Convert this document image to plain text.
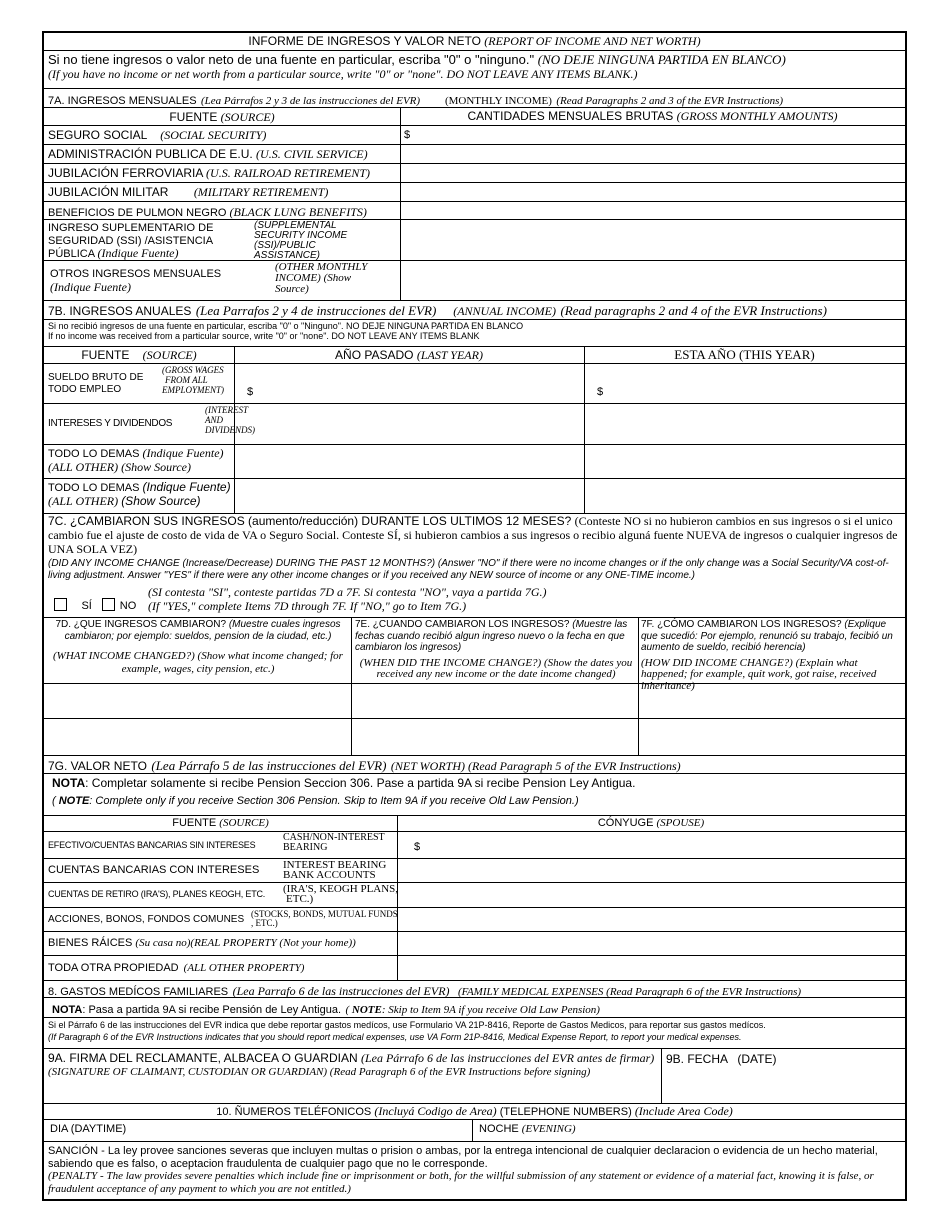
INFORME DE INGRESOS Y VALOR NETO (REPORT OF INCOME AND NET WORTH)
Si no tiene ingresos o valor neto de una fuente en particular, escriba "0" o "ninguno." (NO DEJE NINGUNA PARTIDA EN BLANCO)
(If you have no income or net worth from a particular source, write "0" or "none". DO NOT LEAVE ANY ITEMS BLANK.)
7A. INGRESOS MENSUALES (Lea Párrafos 2 y 3 de las instrucciones del EVR) (MONTHLY INCOME) (Read Paragraphs 2 and 3 of the EVR Instructions)
FUENTE (SOURCE)	CANTIDADES MENSUALES BRUTAS (GROSS MONTHLY AMOUNTS)
SEGURO SOCIAL (SOCIAL SECURITY)	$
ADMINISTRACIÓN PUBLICA DE E.U. (U.S. CIVIL SERVICE)
JUBILACIÓN FERROVIARIA (U.S. RAILROAD RETIREMENT)
JUBILACIÓN MILITAR (MILITARY RETIREMENT)
BENEFICIOS DE PULMON NEGRO (BLACK LUNG BENEFITS)
INGRESO SUPLEMENTARIO DE
SEGURIDAD (SSI) /ASISTENCIA
PÚBLICA (Indique Fuente)
(SUPPLEMENTAL
SECURITY INCOME
(SSI)/PUBLIC
ASSISTANCE)
OTROS INGRESOS MENSUALES
(Indique Fuente)
(OTHER MONTHLY
INCOME) (Show
Source)
7B. INGRESOS ANUALES (Lea Parrafos 2 y 4 de instrucciones del EVR) (ANNUAL INCOME) (Read paragraphs 2 and 4 of the EVR Instructions)
Si no recibió ingresos de una fuente en particular, escriba "0" o "Ninguno". NO DEJE NINGUNA PARTIDA EN BLANCO
If no income was received from a particular source, write "0" or "none". DO NOT LEAVE ANY ITEMS BLANK
FUENTE (SOURCE)	AÑO PASADO (LAST YEAR)	ESTA AÑO (THIS YEAR)
SUELDO BRUTO DE
TODO EMPLEO
(GROSS WAGES
FROM ALL
EMPLOYMENT)	$	$
INTERESES Y DIVIDENDOS
(INTEREST
AND
DIVIDENDS)
TODO LO DEMAS (Indique Fuente)
(ALL OTHER) (Show Source)
TODO LO DEMAS (Indique Fuente)
(ALL OTHER) (Show Source)
7C. ¿CAMBIARON SUS INGRESOS (aumento/reducción) DURANTE LOS ULTIMOS 12 MESES? (Conteste NO si no hubieron cambios en sus ingresos o si el unico cambio fue el ajuste de costo de vida de VA o Seguro Social. Conteste SÍ, si hubieron cambios a sus ingresos o recibio alguná fuente NUEVA de ingresos o cualquier ingresos de UNA SOLA VEZ)
(DID ANY INCOME CHANGE (Increase/Decrease) DURING THE PAST 12 MONTHS?) (Answer "NO" if there were no income changes or if the only change was a Social Security/VA cost-of-living adjustment. Answer "YES" if there were any other income changes or if you received any NEW source of income or any ONE-TIME income.)
SÍ	NO
(SI contesta "SI", conteste partidas 7D a 7F. Si contesta "NO", vaya a partida 7G.)
(If "YES," complete Items 7D through 7F. If "NO," go to Item 7G.)
7D. ¿QUE INGRESOS CAMBIARON? (Muestre cuales ingresos cambiaron; por ejemplo: sueldos, pension de la ciudad, etc.)
(WHAT INCOME CHANGED?) (Show what income changed; for example, wages, city pension, etc.)
7E. ¿CUANDO CAMBIARON LOS INGRESOS? (Muestre las fechas cuando recibió algun ingreso nuevo o la fecha en que cambiaron los ingresos)
(WHEN DID THE INCOME CHANGE?) (Show the dates you received any new income or the date income changed)
7F. ¿CÓMO CAMBIARON LOS INGRESOS? (Explique que sucedió: Por ejemplo, renunció su trabajo, fecibió un aumento de sueldo, recibió herencia)
(HOW DID INCOME CHANGE?) (Explain what happened; for example, quit work, got raise, received inheritance)
7G. VALOR NETO (Lea Párrafo 5 de las instrucciones del EVR) (NET WORTH) (Read Paragraph 5 of the EVR Instructions)
NOTA: Completar solamente si recibe Pension Seccion 306. Pase a partida 9A si recibe Pension Ley Antigua.
( NOTE: Complete only if you receive Section 306 Pension. Skip to Item 9A if you receive Old Law Pension.)
FUENTE (SOURCE)	CÓNYUGE (SPOUSE)
EFECTIVO/CUENTAS BANCARIAS SIN INTERESES
CASH/NON-INTEREST
BEARING	$
CUENTAS BANCARIAS CON INTERESES INTEREST BEARING
BANK ACCOUNTS
CUENTAS DE RETIRO (IRA'S), PLANES KEOGH, ETC. (IRA'S, KEOGH PLANS,
ETC.)
ACCIONES, BONOS, FONDOS COMUNES (STOCKS, BONDS, MUTUAL FUNDS
, ETC.)
BIENES RÁICES (Su casa no)(REAL PROPERTY (Not your home))
TODA OTRA PROPIEDAD (ALL OTHER PROPERTY)
8. GASTOS MEDÍCOS FAMILIARES (Lea Parrafo 6 de las instrucciones del EVR) (FAMILY MEDICAL EXPENSES (Read Paragraph 6 of the EVR Instructions)
NOTA: Pasa a partida 9A si recibe Pensión de Ley Antigua. ( NOTE: Skip to Item 9A if you receive Old Law Pension)
Si el Párrafo 6 de las instrucciones del EVR indica que debe reportar gastos medícos, use Formulario VA 21P-8416, Reporte de Gastos Medicos, para reportar sus gastos medícos.
(If Paragraph 6 of the EVR Instructions indicates that you should report medical expenses, use VA Form 21P-8416, Medical Expense Report, to report your medical expenses.
9A. FIRMA DEL RECLAMANTE, ALBACEA O GUARDIAN (Lea Párrafo 6 de las instrucciones del EVR antes de firmar)
(SIGNATURE OF CLAIMANT, CUSTODIAN OR GUARDIAN) (Read Paragraph 6 of the EVR Instructions before signing)
9B. FECHA   (DATE)
10. ÑUMEROS TELÉFONICOS (Incluyá Codigo de Area) (TELEPHONE NUMBERS) (Include Area Code)
DIA (DAYTIME)	NOCHE (EVENING)
SANCIÓN - La ley provee sanciones severas que incluyen multas o prision o ambas, por la entrega intencional de cualquier declaracion o evidencia de un hecho material, sabiendo que es falso, o aceptacion fraudulenta de cualquier pago que no le corresponde.
(PENALTY - The law provides severe penalties which include fine or imprisonment or both, for the willful submission of any statement or evidence of a material fact, knowing it is false, or fraudulent acceptance of any payment to which you are not entitled.)
